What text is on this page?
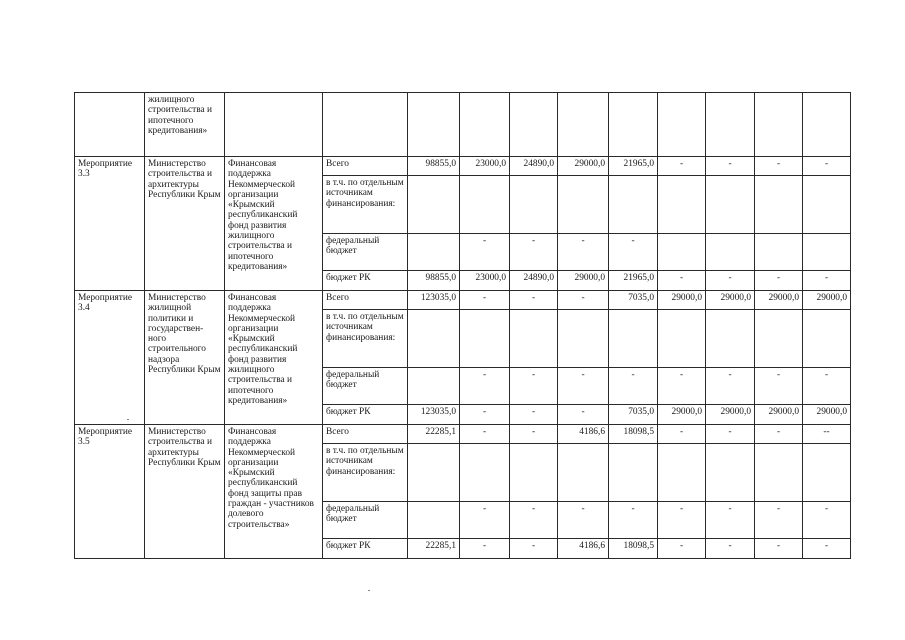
	жилищного строительства и ипотечного кредитования»											
Мероприятие 3.3	Министерство строительства и архитектуры Республики Крым	Финансовая поддержка Некоммерческой организации «Крымский республиканский фонд развития жилищного строительства и ипотечного кредитования»	Всего	98855,0	23000,0	24890,0	29000,0	21965,0	-	-	-	-
			в т.ч. по отдельным источникам финансирования:									
			федеральный бюджет		-	-	-	-				
			бюджет РК	98855,0	23000,0	24890,0	29000,0	21965,0	-	-	-	-
Мероприятие 3.4	Министерство жилищной политики и государствен-ного строительного надзора Республики Крым	Финансовая поддержка Некоммерческой организации «Крымский республиканский фонд развития жилищного строительства и ипотечного кредитования»	Всего	123035,0	-	-	-	7035,0	29000,0	29000,0	29000,0	29000,0
			в т.ч. по отдельным источникам финансирования:									
			федеральный бюджет		-	-	-	-	-	-	-	-
			бюджет РК	123035,0	-	-	-	7035,0	29000,0	29000,0	29000,0	29000,0
Мероприятие 3.5	Министерство строительства и архитектуры Республики Крым	Финансовая поддержка Некоммерческой организации «Крымский республиканский фонд защиты прав граждан - участников долевого строительства»	Всего	22285,1	-	-	4186,6	18098,5	-	-	-	--
			в т.ч. по отдельным источникам финансирования:									
			федеральный бюджет		-	-	-	-	-	-	-	-
			бюджет РК	22285,1	-	-	4186,6	18098,5	-	-	-	-
